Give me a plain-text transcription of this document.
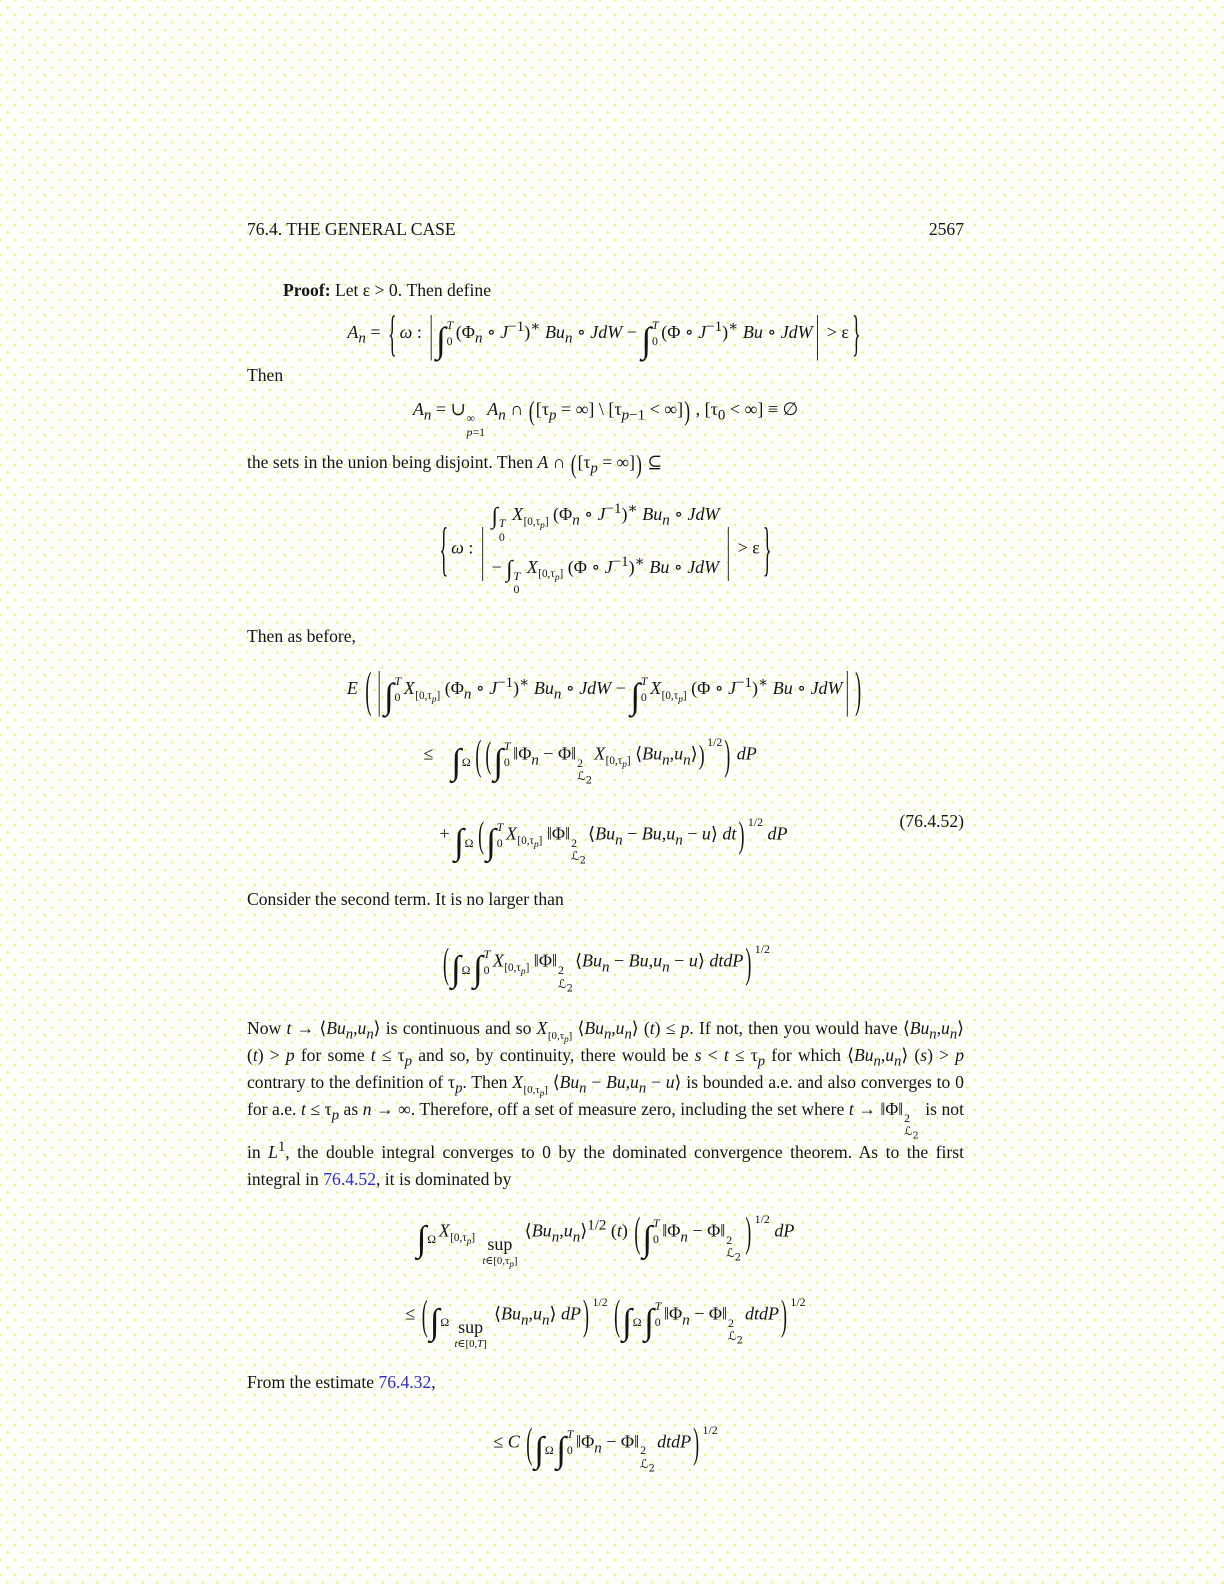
76.4. THE GENERAL CASE	2567

Proof: Let ε > 0. Then define

$A_n$ = { ω : |∫ T
0 ($\Phi_n$ ∘ $J^{-1})^∗$ $Bu_n$ ∘ JdW − ∫ T
0 (Φ ∘ $J^{-1})^∗$ Bu ∘ JdW | > ε }

Then

$A_n$ = ∪ ∞
p=1
$A_n$ ∩ ([$\tau_p$ = ∞] \ [$\tau_{p-1}$ < ∞]) , [$\tau_0$ < ∞] ≡ ∅

the sets in the union being disjoint. Then A ∩ ([$\tau_p$ = ∞]) ⊆

{ ω : | ∫ T
0
$X_{[0,\tau_p]}$ ($\Phi_n$ ∘ $J^{-1})^∗$ $Bu_n$ ∘ JdW
− ∫ T
0
$X_{[0,\tau_p]}$ (Φ ∘ $J^{-1})^∗$ Bu ∘ JdW | > ε }

Then as before,

E ( |∫ T
0 $X_{[0,\tau_p]}$ ($\Phi_n$ ∘ $J^{-1})^∗$ $Bu_n$ ∘ JdW − ∫ T
0 $X_{[0,\tau_p]}$ (Φ ∘ $J^{-1})^∗$ Bu ∘ JdW | )
≤ ∫ Ω ( (∫ T
0 $‖\Phi_n$ − Φ‖ 2
ℒ$_2$
$X_{[0,\tau_p]}$ $⟨Bu_n,u_n⟩$) $^{1/2}$ ) dP
+ ∫ Ω (∫ T
0 $X_{[0,\tau_p]}$ ‖Φ‖ 2
ℒ$_2$
$⟨Bu_n - Bu,u_n$ − u⟩ dt ) $^{1/2}$ dP
(76.4.52)

Consider the second term. It is no larger than

(∫ Ω ∫ T
0 $X_{[0,\tau_p]}$ ‖Φ‖ 2
ℒ$_2$
$⟨Bu_n - Bu,u_n$ − u⟩ dtdP ) $^{1/2}$

Now $t \to ⟨Bu_n,u_n⟩$ is continuous and so $X_{[0,\tau_p]}$ $⟨Bu_n,u_n⟩$ (t) ≤ p. If not, then you would have $⟨Bu_n,u_n⟩$ (t) > p for some $t \le \tau_p$ and so, by continuity, there would be $s < t \le \tau_p$ for which $⟨Bu_n,u_n⟩$ (s) > p contrary to the definition of $\tau_p$. Then $X_{[0,\tau_p]}$ $⟨Bu_n - Bu,u_n$ − u⟩ is bounded a.e. and also converges to 0 for a.e. $t \le \tau_p$ as n → ∞. Therefore, off a set of measure zero, including the set where t → ‖Φ‖ 2
ℒ$_2$
is not in $L^1$, the double integral converges to 0 by the dominated convergence theorem. As to the first integral in 76.4.52, it is dominated by

∫ Ω $X_{[0,\tau_p]}$ sup
$t\in[0,\tau_p]$
$⟨Bu_n,u_n⟩^{1/2}$ (t) (∫ T
0 $‖\Phi_n$ − Φ‖ 2
ℒ$_2$
) $^{1/2}$ dP
≤ (∫ Ω sup
t∈[0,T]
$⟨Bu_n,u_n⟩$ dP ) $^{1/2}$ (∫ Ω ∫ T
0 $‖\Phi_n$ − Φ‖ 2
ℒ$_2$
dtdP ) $^{1/2}$

From the estimate 76.4.32,

≤ C (∫ Ω ∫ T
0 $‖\Phi_n$ − Φ‖ 2
ℒ$_2$
dtdP ) $^{1/2}$
